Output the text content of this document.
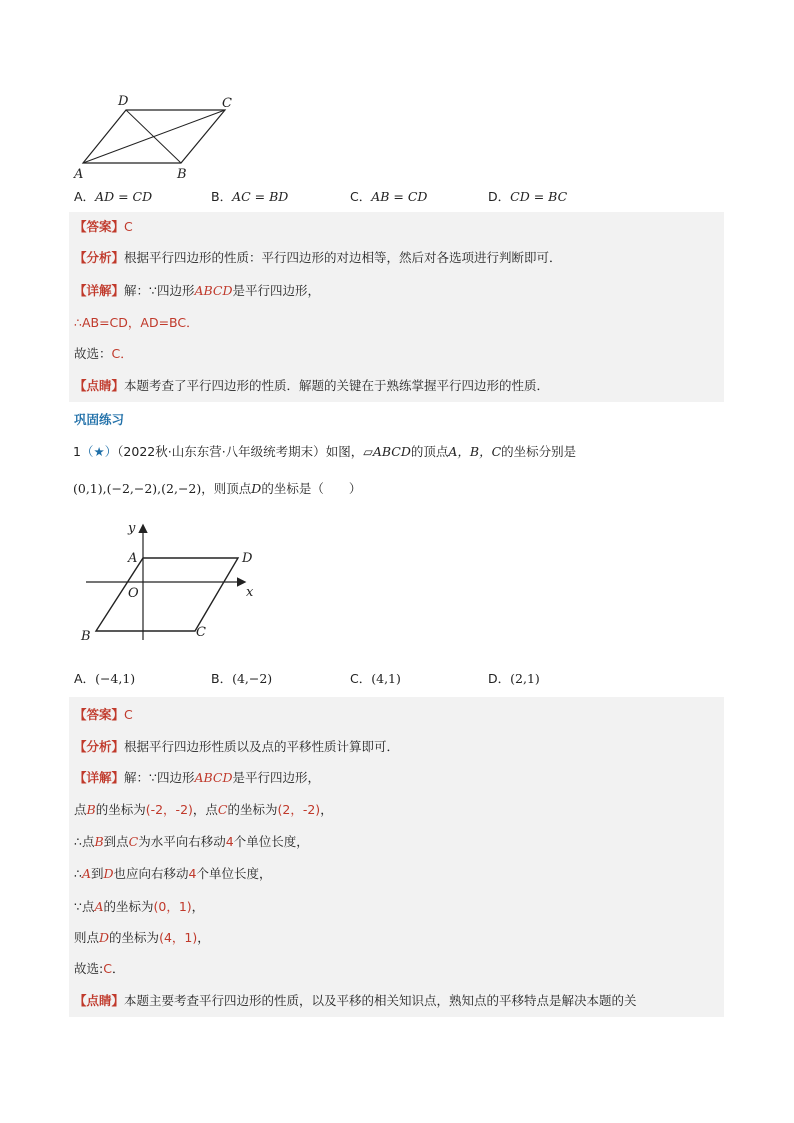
D	C
A	B
A．AD = CD	B．AC = BD	C．AB = CD	D．CD = BC
【答案】C
【分析】根据平行四边形的性质：平行四边形的对边相等，然后对各选项进行判断即可．
【详解】解：∵四边形ABCD是平行四边形，
∴AB=CD，AD=BC．
故选：C．
【点睛】本题考查了平行四边形的性质．解题的关键在于熟练掌握平行四边形的性质．
巩固练习
1（★）（2022秋·山东东营·八年级统考期末）如图，▱ABCD的顶点A，B，C的坐标分别是
(0,1),(−2,−2),(2,−2)，则顶点D的坐标是（　　）
y
A	D
O	x
B	C
A．(−4,1)	B．(4,−2)	C．(4,1)	D．(2,1)
【答案】C
【分析】根据平行四边形性质以及点的平移性质计算即可．
【详解】解：∵四边形ABCD是平行四边形，
点B的坐标为(-2，-2)，点C的坐标为(2，-2)，
∴点B到点C为水平向右移动4个单位长度，
∴A到D也应向右移动4个单位长度，
∵点A的坐标为(0，1)，
则点D的坐标为(4，1)，
故选:C．
【点睛】本题主要考查平行四边形的性质，以及平移的相关知识点，熟知点的平移特点是解决本题的关
